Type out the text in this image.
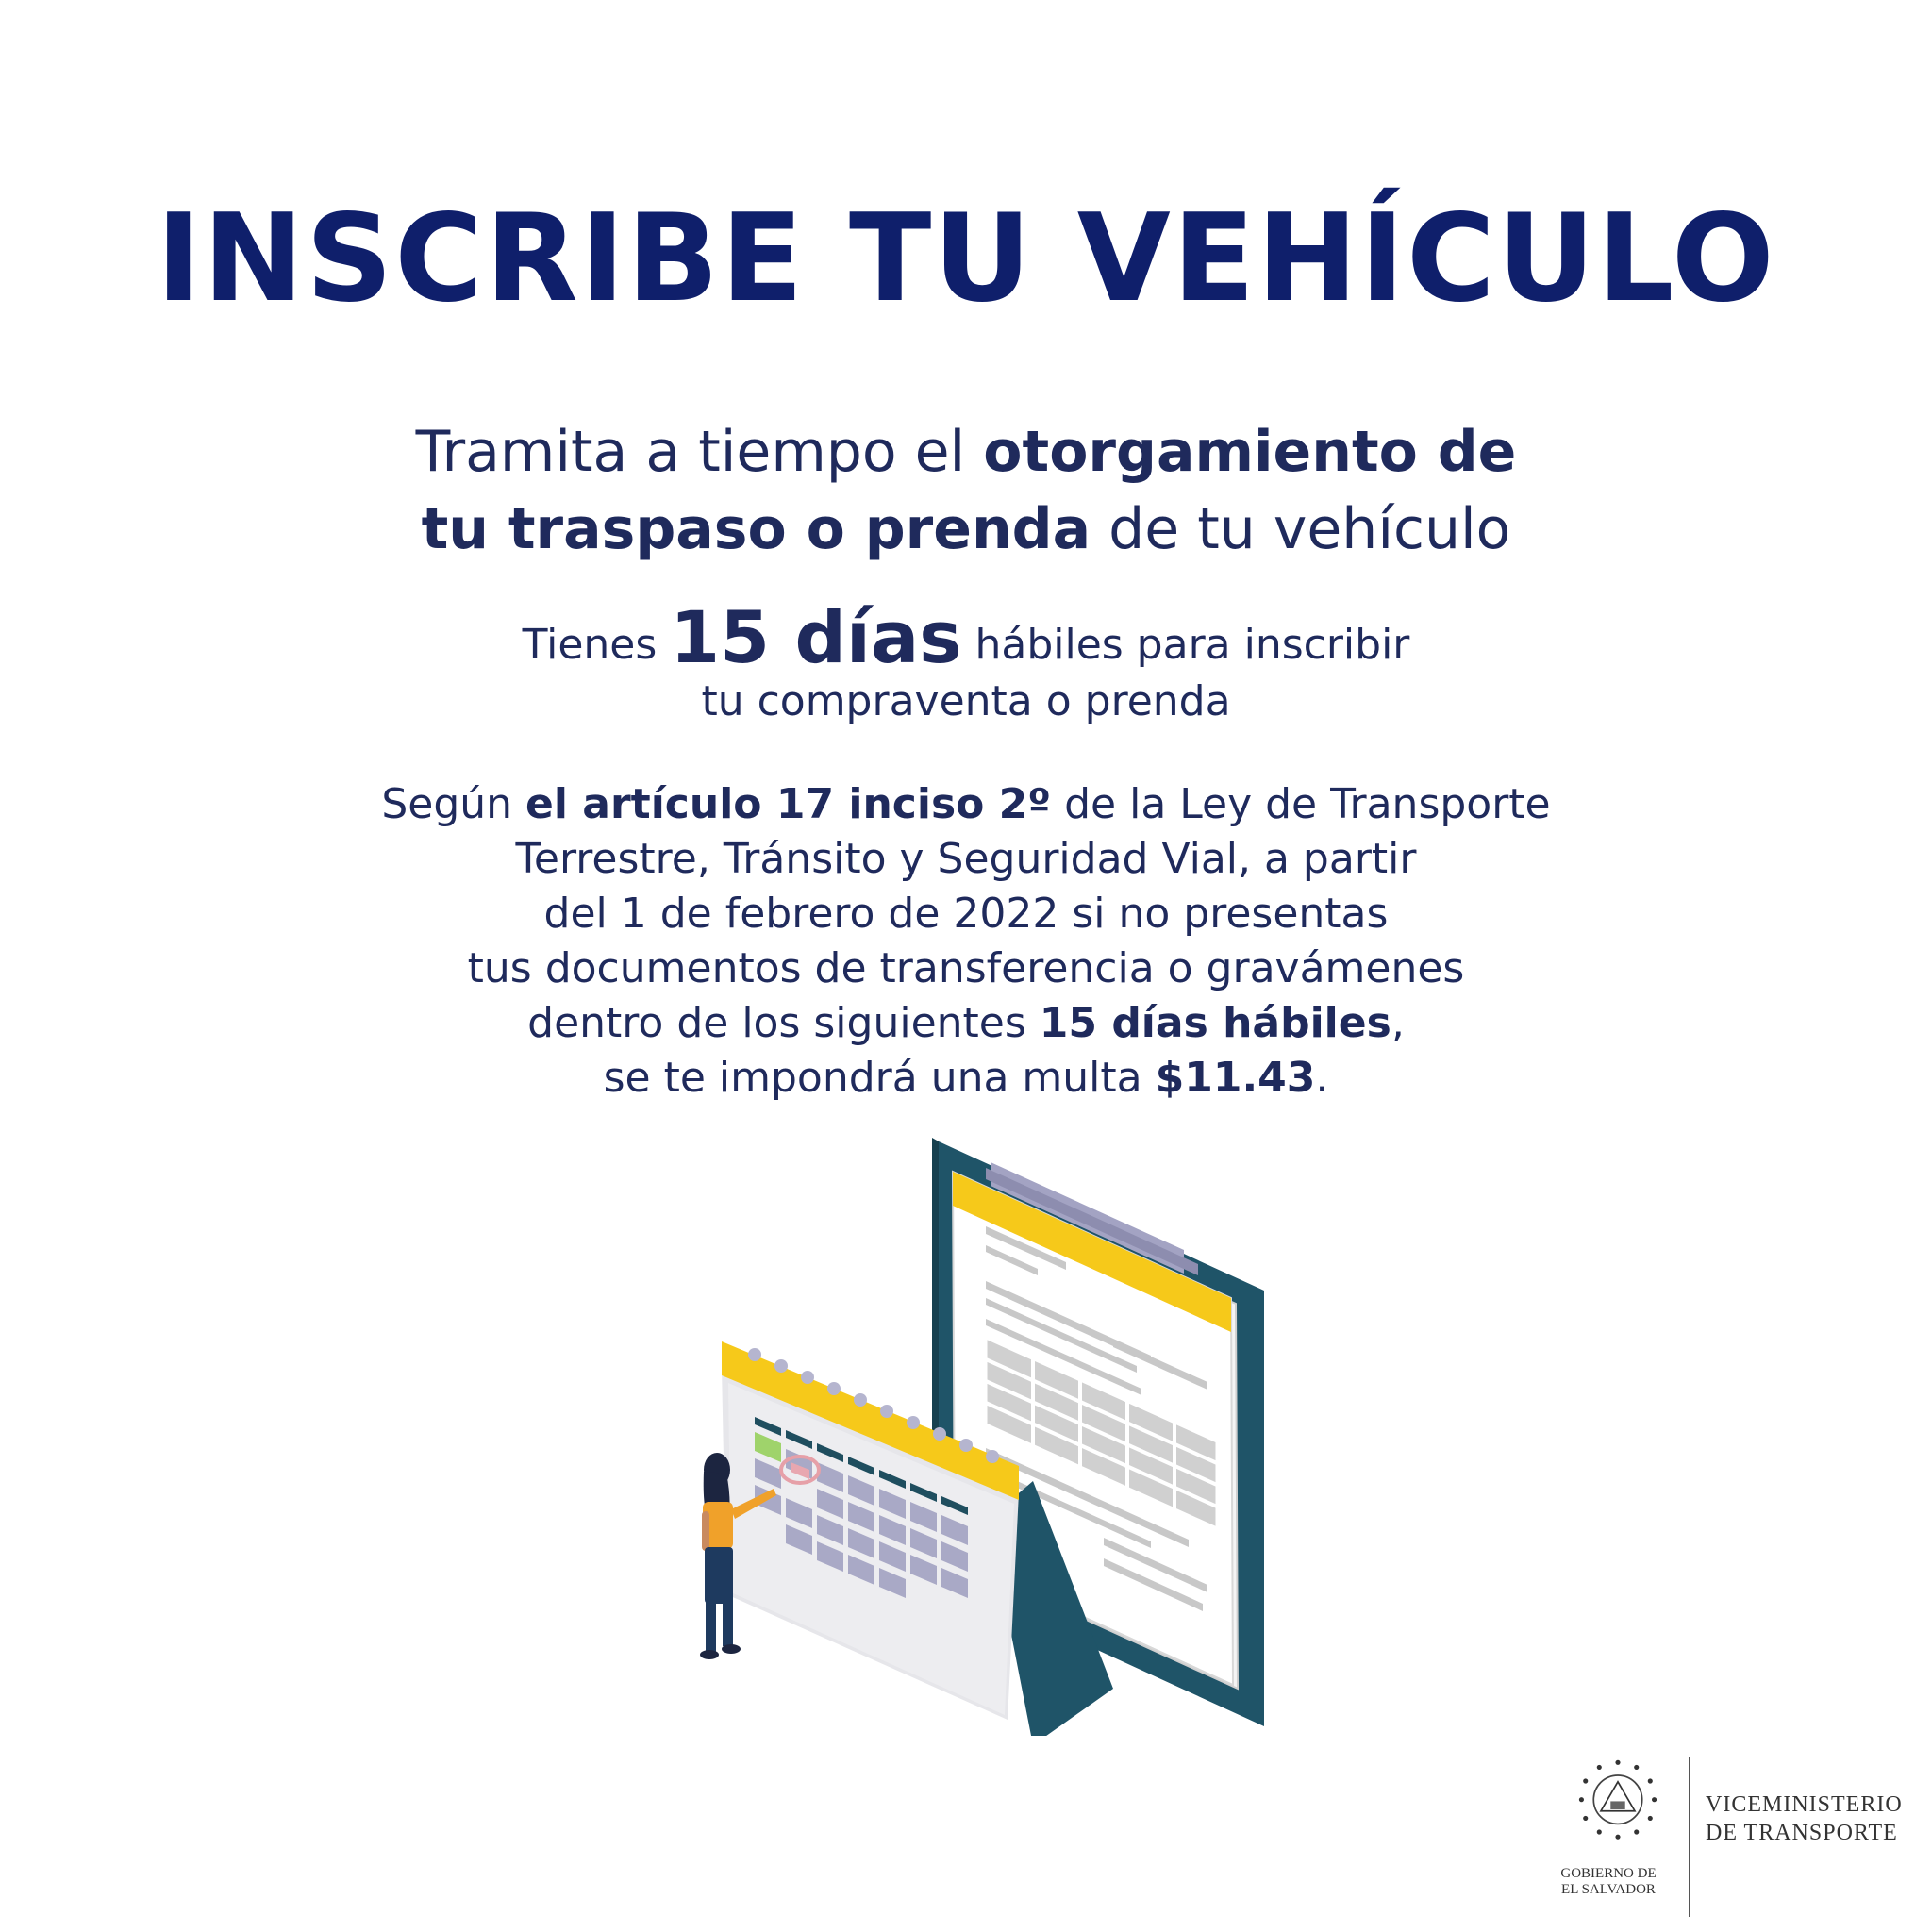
INSCRIBE TU VEHÍCULO

Tramita a tiempo el otorgamiento de
tu traspaso o prenda de tu vehículo

Tienes 15 días hábiles para inscribir
tu compraventa o prenda

Según el artículo 17 inciso 2º de la Ley de Transporte
Terrestre, Tránsito y Seguridad Vial, a partir
del 1 de febrero de 2022 si no presentas
tus documentos de transferencia o gravámenes
dentro de los siguientes 15 días hábiles,
se te impondrá una multa $11.43.

GOBIERNO DE
EL SALVADOR
VICEMINISTERIO
DE TRANSPORTE
